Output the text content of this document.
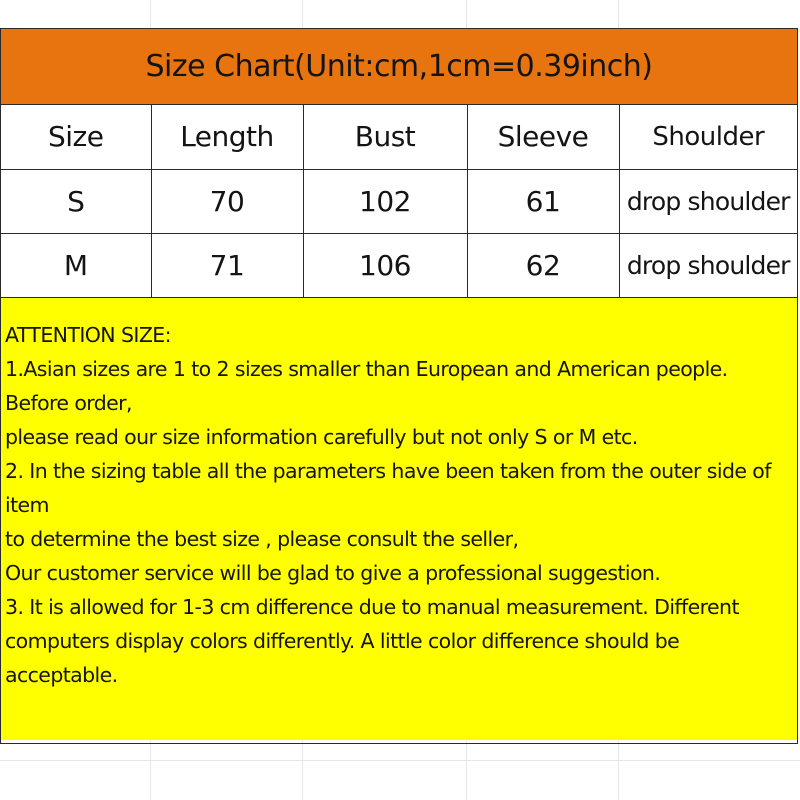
Size Chart(Unit:cm,1cm=0.39inch)
Size	Length	Bust	Sleeve	Shoulder
S	70	102	61	drop shoulder
M	71	106	62	drop shoulder

ATTENTION SIZE:

1.Asian sizes are 1 to 2 sizes smaller than European and American people. Before order,

please read our size information carefully but not only S or M etc.

2. In the sizing table all the parameters have been taken from the outer side of item

to determine the best size , please consult the seller,

Our customer service will be glad to give a professional suggestion.

3. It is allowed for 1-3 cm difference due to manual measurement. Different computers display colors differently. A little color difference should be acceptable.
